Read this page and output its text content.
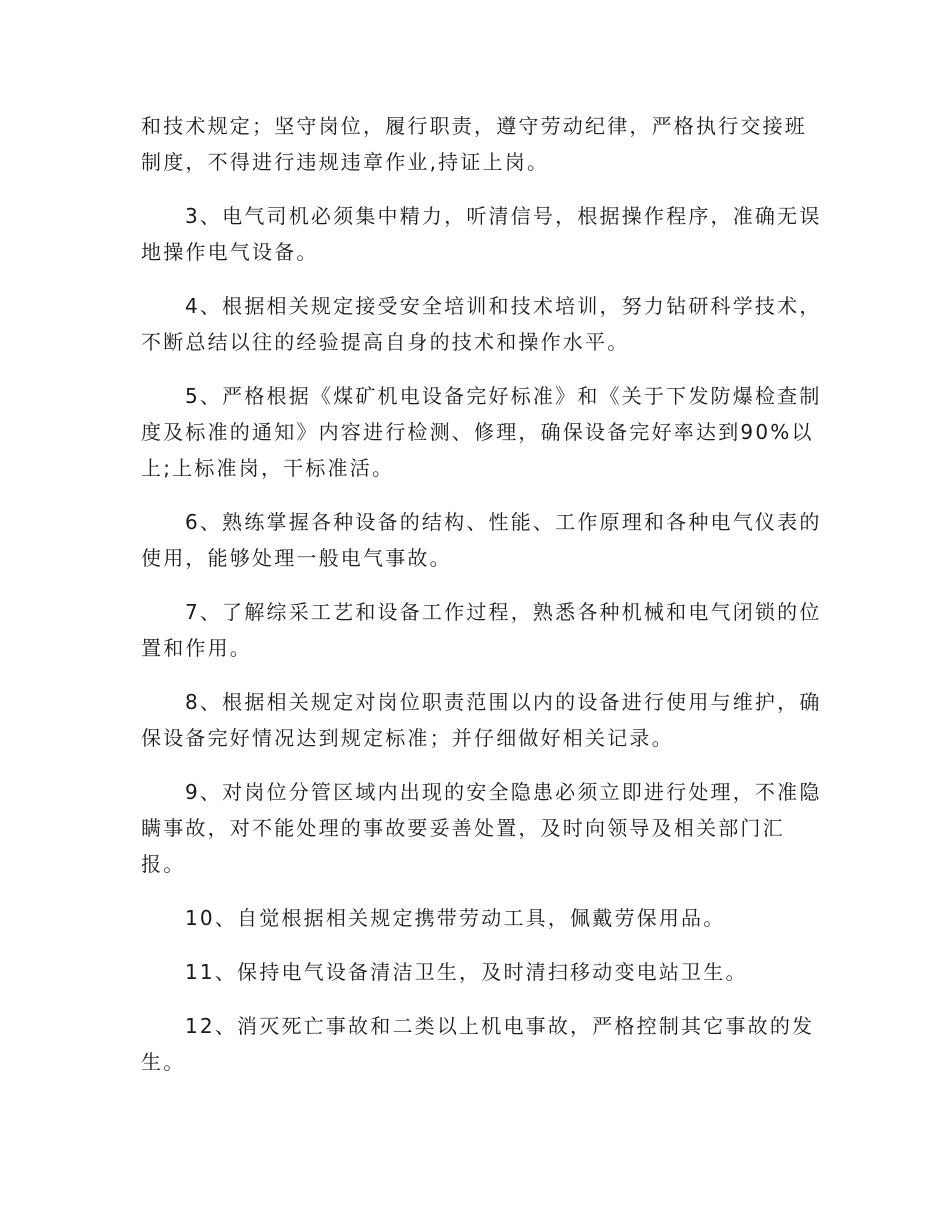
和技术规定；坚守岗位，履行职责，遵守劳动纪律，严格执行交接班
制度，不得进行违规违章作业,持证上岗。
3、电气司机必须集中精力，听清信号，根据操作程序，准确无误
地操作电气设备。
4、根据相关规定接受安全培训和技术培训，努力钻研科学技术，
不断总结以往的经验提高自身的技术和操作水平。
5、严格根据《煤矿机电设备完好标准》和《关于下发防爆检查制
度及标准的通知》内容进行检测、修理，确保设备完好率达到90%以
上;上标准岗，干标准活。
6、熟练掌握各种设备的结构、性能、工作原理和各种电气仪表的
使用，能够处理一般电气事故。
7、了解综采工艺和设备工作过程，熟悉各种机械和电气闭锁的位
置和作用。
8、根据相关规定对岗位职责范围以内的设备进行使用与维护，确
保设备完好情况达到规定标准；并仔细做好相关记录。
9、对岗位分管区域内出现的安全隐患必须立即进行处理，不准隐
瞒事故，对不能处理的事故要妥善处置，及时向领导及相关部门汇
报。
10、自觉根据相关规定携带劳动工具，佩戴劳保用品。
11、保持电气设备清洁卫生，及时清扫移动变电站卫生。
12、消灭死亡事故和二类以上机电事故，严格控制其它事故的发
生。
